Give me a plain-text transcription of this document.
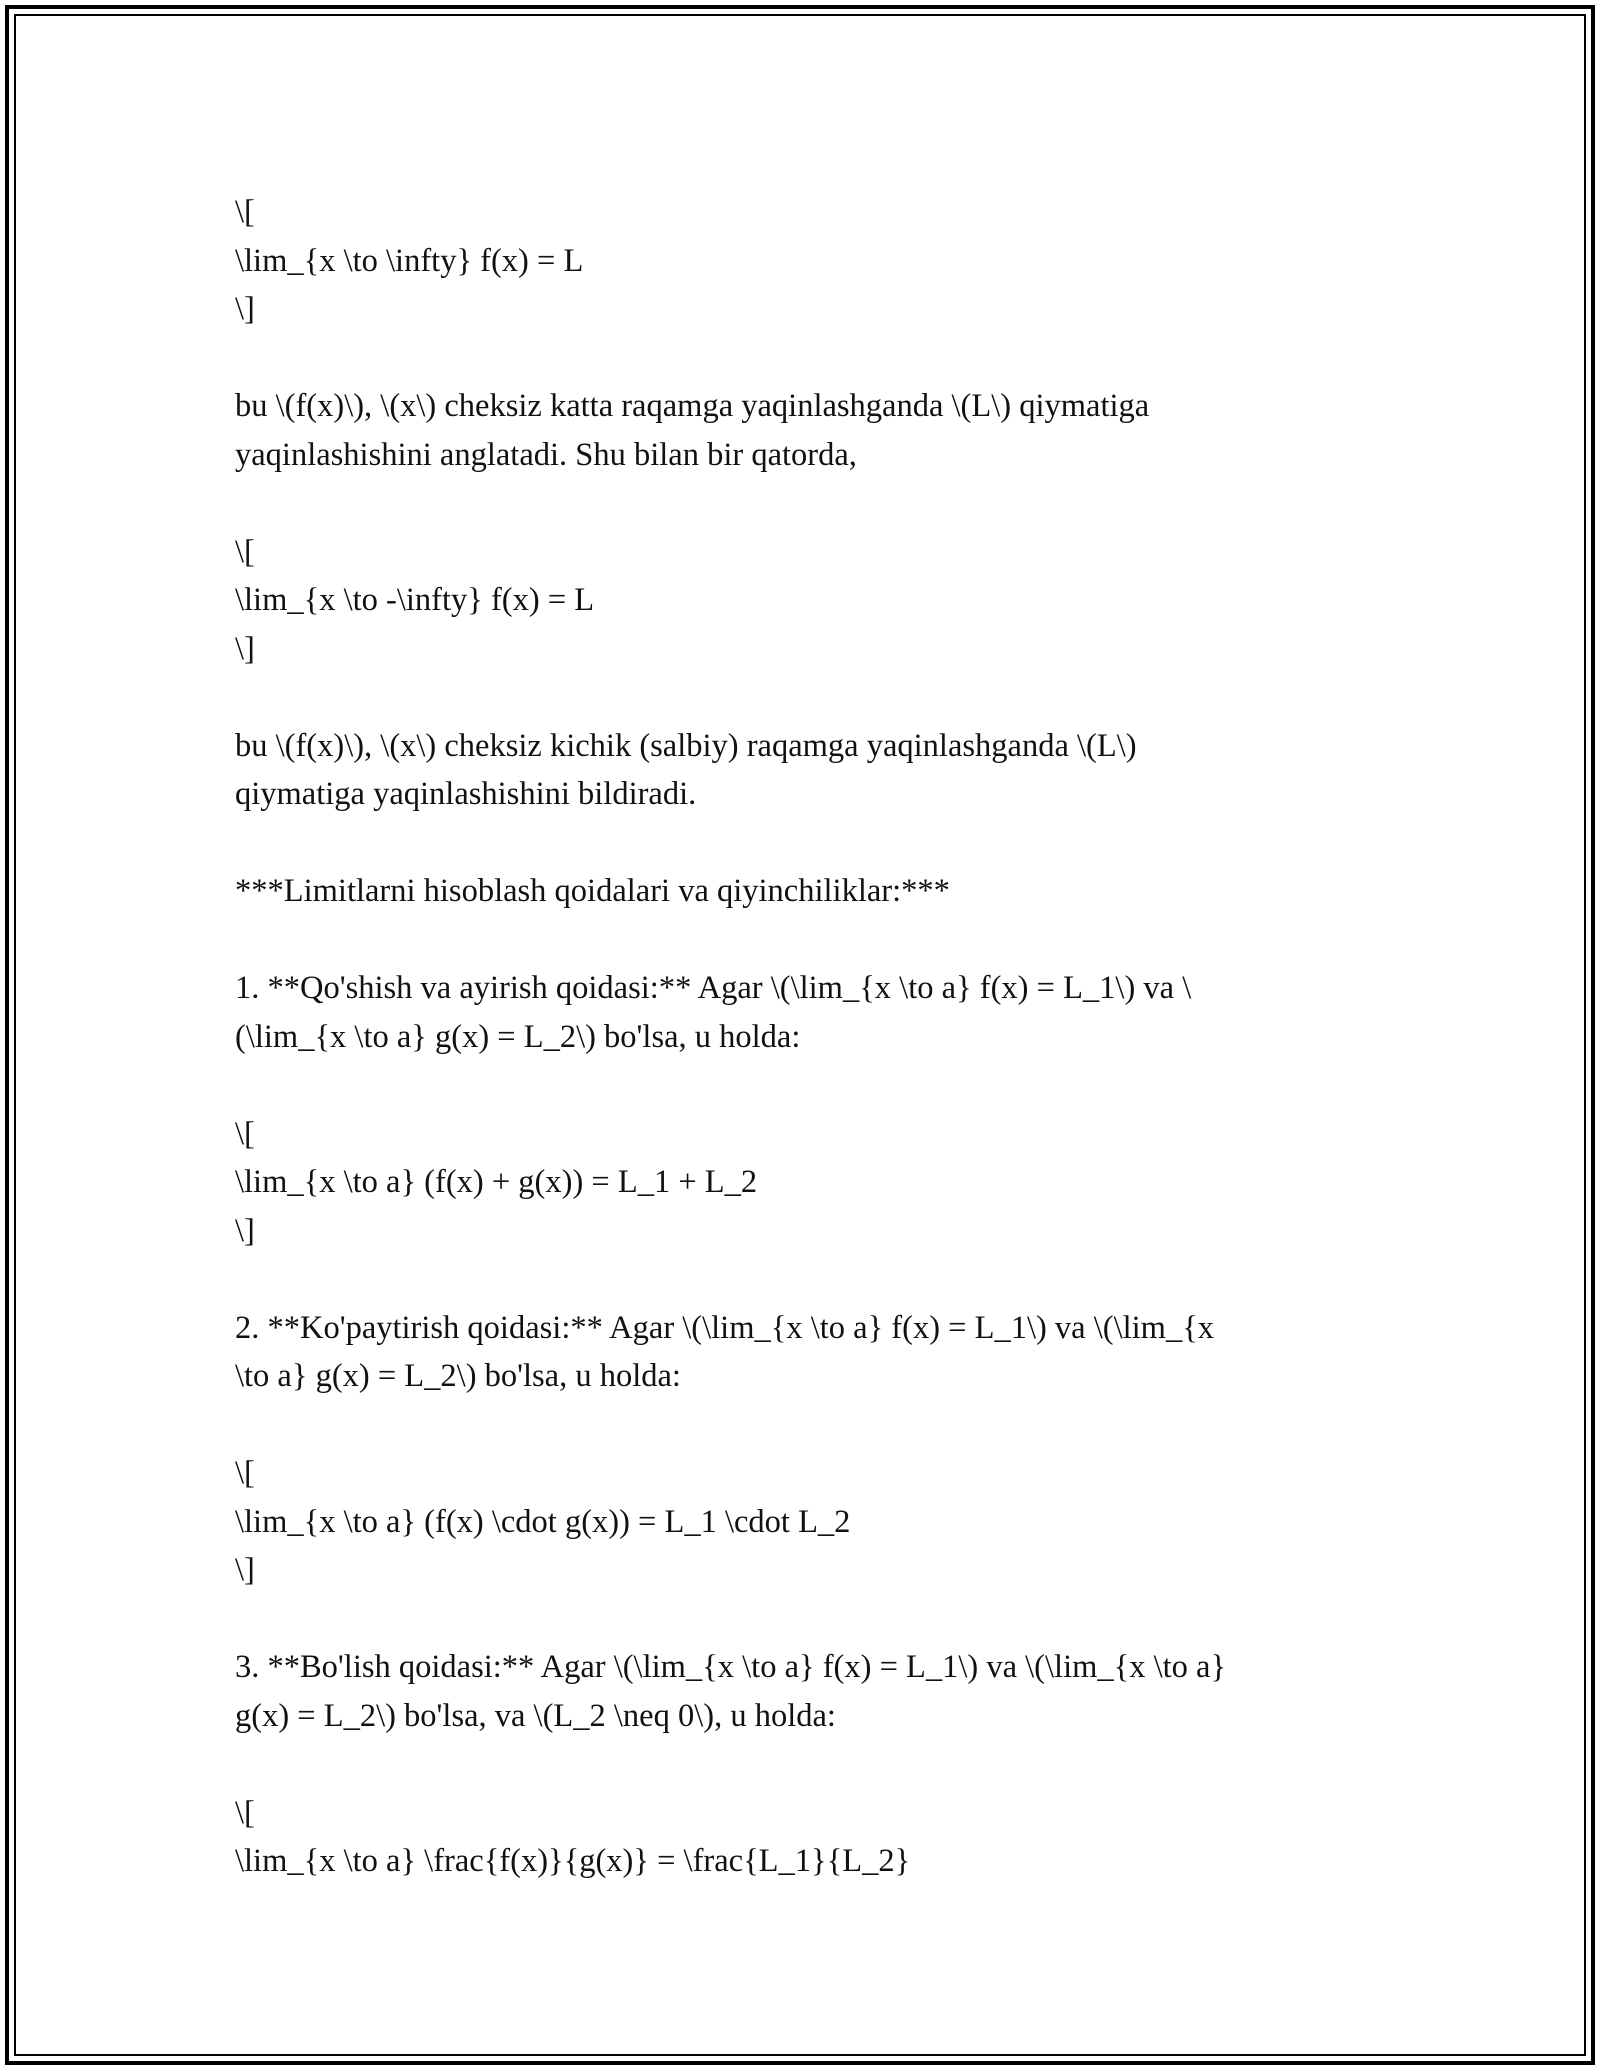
\[
\lim_{x \to \infty} f(x) = L
\]
bu \(f(x)\), \(x\) cheksiz katta raqamga yaqinlashganda \(L\) qiymatiga
yaqinlashishini anglatadi. Shu bilan bir qatorda,
\[
\lim_{x \to -\infty} f(x) = L
\]
bu \(f(x)\), \(x\) cheksiz kichik (salbiy) raqamga yaqinlashganda \(L\)
qiymatiga yaqinlashishini bildiradi.
***Limitlarni hisoblash qoidalari va qiyinchiliklar:***
1. **Qo'shish va ayirish qoidasi:** Agar \(\lim_{x \to a} f(x) = L_1\) va \
(\lim_{x \to a} g(x) = L_2\) bo'lsa, u holda:
\[
\lim_{x \to a} (f(x) + g(x)) = L_1 + L_2
\]
2. **Ko'paytirish qoidasi:** Agar \(\lim_{x \to a} f(x) = L_1\) va \(\lim_{x
\to a} g(x) = L_2\) bo'lsa, u holda:
\[
\lim_{x \to a} (f(x) \cdot g(x)) = L_1 \cdot L_2
\]
3. **Bo'lish qoidasi:** Agar \(\lim_{x \to a} f(x) = L_1\) va \(\lim_{x \to a}
g(x) = L_2\) bo'lsa, va \(L_2 \neq 0\), u holda:
\[
\lim_{x \to a} \frac{f(x)}{g(x)} = \frac{L_1}{L_2}
